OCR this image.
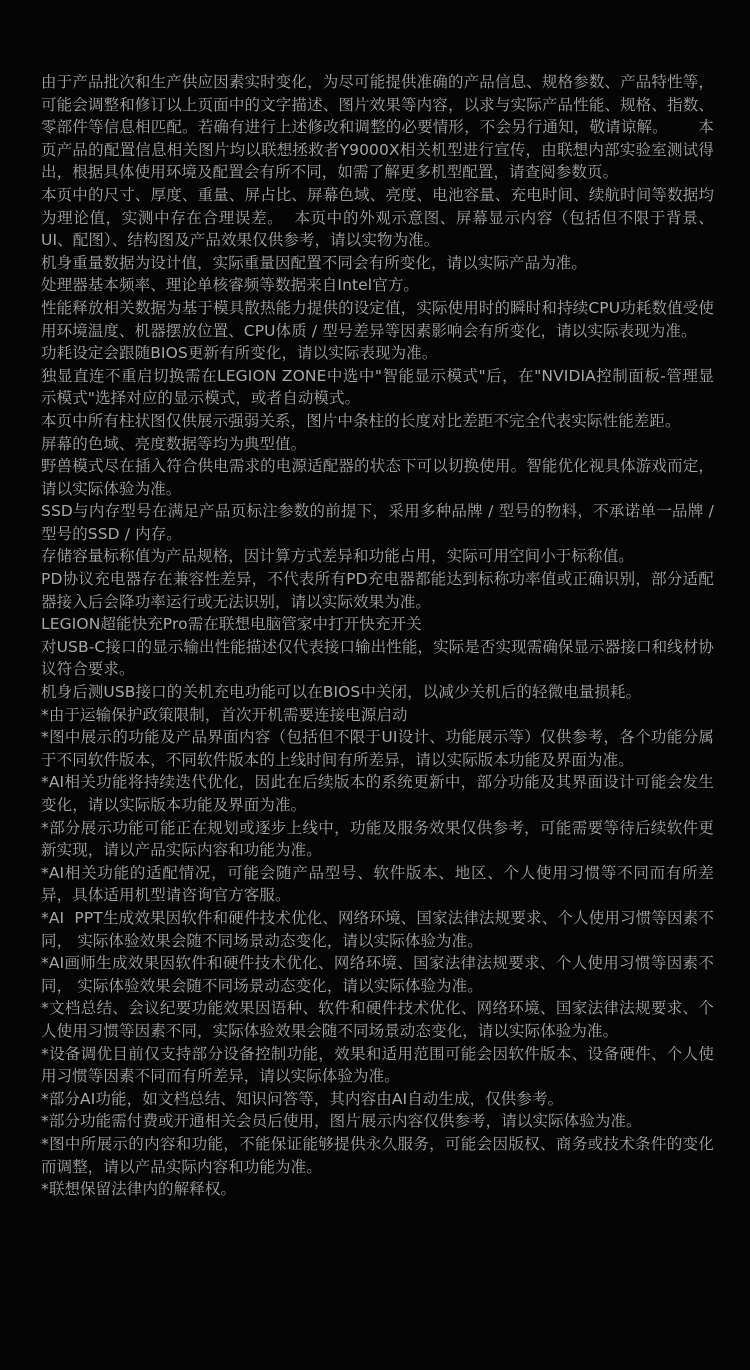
由于产品批次和生产供应因素实时变化，为尽可能提供准确的产品信息、规格参数、产品特性等，可能会调整和修订以上页面中的文字描述、图片效果等内容，以求与实际产品性能、规格、指数、零部件等信息相匹配。若确有进行上述修改和调整的必要情形，不会另行通知，敬请谅解。      本页产品的配置信息相关图片均以联想拯救者Y9000X相关机型进行宣传，由联想内部实验室测试得出，根据具体使用环境及配置会有所不同，如需了解更多机型配置，请查阅参数页。

本页中的尺寸、厚度、重量、屏占比、屏幕色域、亮度、电池容量、充电时间、续航时间等数据均为理论值，实测中存在合理误差。  本页中的外观示意图、屏幕显示内容（包括但不限于背景、UI、配图）、结构图及产品效果仅供参考，请以实物为准。

机身重量数据为设计值，实际重量因配置不同会有所变化，请以实际产品为准。

处理器基本频率、理论单核睿频等数据来自Intel官方。

性能释放相关数据为基于模具散热能力提供的设定值，实际使用时的瞬时和持续CPU功耗数值受使用环境温度、机器摆放位置、CPU体质 / 型号差异等因素影响会有所变化，请以实际表现为准。

功耗设定会跟随BIOS更新有所变化，请以实际表现为准。

独显直连不重启切换需在LEGION ZONE中选中"智能显示模式"后，在"NVIDIA控制面板-管理显示模式"选择对应的显示模式，或者自动模式。

本页中所有柱状图仅供展示强弱关系，图片中条柱的长度对比差距不完全代表实际性能差距。

屏幕的色域、亮度数据等均为典型值。

野兽模式尽在插入符合供电需求的电源适配器的状态下可以切换使用。智能优化视具体游戏而定，请以实际体验为准。

SSD与内存型号在满足产品页标注参数的前提下，采用多种品牌 / 型号的物料，不承诺单一品牌 / 型号的SSD / 内存。

存储容量标称值为产品规格，因计算方式差异和功能占用，实际可用空间小于标称值。

PD协议充电器存在兼容性差异，不代表所有PD充电器都能达到标称功率值或正确识别，部分适配器接入后会降功率运行或无法识别，请以实际效果为准。

LEGION超能快充Pro需在联想电脑管家中打开快充开关

对USB-C接口的显示输出性能描述仅代表接口输出性能，实际是否实现需确保显示器接口和线材协议符合要求。

机身后测USB接口的关机充电功能可以在BIOS中关闭，以减少关机后的轻微电量损耗。

*由于运输保护政策限制，首次开机需要连接电源启动

*图中展示的功能及产品界面内容（包括但不限于UI设计、功能展示等）仅供参考，各个功能分属于不同软件版本，不同软件版本的上线时间有所差异，请以实际版本功能及界面为准。

*AI相关功能将持续迭代优化，因此在后续版本的系统更新中，部分功能及其界面设计可能会发生变化，请以实际版本功能及界面为准。

*部分展示功能可能正在规划或逐步上线中，功能及服务效果仅供参考，可能需要等待后续软件更新实现，请以产品实际内容和功能为准。

*AI相关功能的适配情况，可能会随产品型号、软件版本、地区、个人使用习惯等不同而有所差异，具体适用机型请咨询官方客服。

*AI  PPT生成效果因软件和硬件技术优化、网络环境、国家法律法规要求、个人使用习惯等因素不同， 实际体验效果会随不同场景动态变化，请以实际体验为准。

*AI画师生成效果因软件和硬件技术优化、网络环境、国家法律法规要求、个人使用习惯等因素不同， 实际体验效果会随不同场景动态变化，请以实际体验为准。

*文档总结、会议纪要功能效果因语种、软件和硬件技术优化、网络环境、国家法律法规要求、个人使用习惯等因素不同，实际体验效果会随不同场景动态变化，请以实际体验为准。

*设备调优目前仅支持部分设备控制功能，效果和适用范围可能会因软件版本、设备硬件、个人使用习惯等因素不同而有所差异，请以实际体验为准。

*部分AI功能，如文档总结、知识问答等，其内容由AI自动生成，仅供参考。

*部分功能需付费或开通相关会员后使用，图片展示内容仅供参考，请以实际体验为准。

*图中所展示的内容和功能，不能保证能够提供永久服务，可能会因版权、商务或技术条件的变化而调整，请以产品实际内容和功能为准。

*联想保留法律内的解释权。
